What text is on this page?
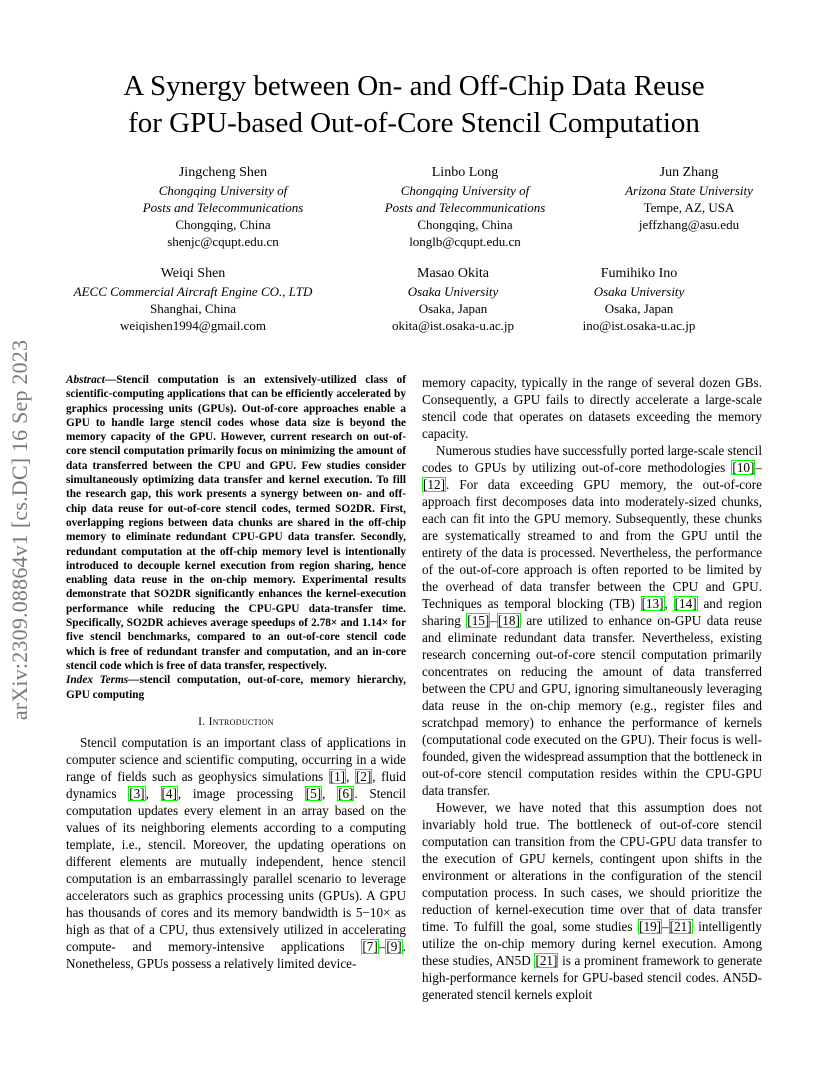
arXiv:2309.08864v1 [cs.DC] 16 Sep 2023
A Synergy between On- and Off-Chip Data Reuse
for GPU-based Out-of-Core Stencil Computation
Jingcheng Shen
Chongqing University of
Posts and Telecommunications
Chongqing, China
shenjc@cqupt.edu.cn
Linbo Long
Chongqing University of
Posts and Telecommunications
Chongqing, China
longlb@cqupt.edu.cn
Jun Zhang
Arizona State University
Tempe, AZ, USA
jeffzhang@asu.edu
Weiqi Shen
AECC Commercial Aircraft Engine CO., LTD
Shanghai, China
weiqishen1994@gmail.com
Masao Okita
Osaka University
Osaka, Japan
okita@ist.osaka-u.ac.jp
Fumihiko Ino
Osaka University
Osaka, Japan
ino@ist.osaka-u.ac.jp
Abstract—Stencil computation is an extensively-utilized class of scientific-computing applications that can be efficiently accelerated by graphics processing units (GPUs). Out-of-core approaches enable a GPU to handle large stencil codes whose data size is beyond the memory capacity of the GPU. However, current research on out-of-core stencil computation primarily focus on minimizing the amount of data transferred between the CPU and GPU. Few studies consider simultaneously optimizing data transfer and kernel execution. To fill the research gap, this work presents a synergy between on- and off-chip data reuse for out-of-core stencil codes, termed SO2DR. First, overlapping regions between data chunks are shared in the off-chip memory to eliminate redundant CPU-GPU data transfer. Secondly, redundant computation at the off-chip memory level is intentionally introduced to decouple kernel execution from region sharing, hence enabling data reuse in the on-chip memory. Experimental results demonstrate that SO2DR significantly enhances the kernel-execution performance while reducing the CPU-GPU data-transfer time. Specifically, SO2DR achieves average speedups of 2.78× and 1.14× for five stencil benchmarks, compared to an out-of-core stencil code which is free of redundant transfer and computation, and an in-core stencil code which is free of data transfer, respectively.
Index Terms—stencil computation, out-of-core, memory hierarchy, GPU computing
I. Introduction

Stencil computation is an important class of applications in computer science and scientific computing, occurring in a wide range of fields such as geophysics simulations [1], [2], fluid dynamics [3], [4], image processing [5], [6]. Stencil computation updates every element in an array based on the values of its neighboring elements according to a computing template, i.e., stencil. Moreover, the updating operations on different elements are mutually independent, hence stencil computation is an embarrassingly parallel scenario to leverage accelerators such as graphics processing units (GPUs). A GPU has thousands of cores and its memory bandwidth is 5−10× as high as that of a CPU, thus extensively utilized in accelerating compute- and memory-intensive applications [7]–[9]. Nonetheless, GPUs possess a relatively limited device-

memory capacity, typically in the range of several dozen GBs. Consequently, a GPU fails to directly accelerate a large-scale stencil code that operates on datasets exceeding the memory capacity.

Numerous studies have successfully ported large-scale stencil codes to GPUs by utilizing out-of-core methodologies [10]–[12]. For data exceeding GPU memory, the out-of-core approach first decomposes data into moderately-sized chunks, each can fit into the GPU memory. Subsequently, these chunks are systematically streamed to and from the GPU until the entirety of the data is processed. Nevertheless, the performance of the out-of-core approach is often reported to be limited by the overhead of data transfer between the CPU and GPU. Techniques as temporal blocking (TB) [13], [14] and region sharing [15]–[18] are utilized to enhance on-GPU data reuse and eliminate redundant data transfer. Nevertheless, existing research concerning out-of-core stencil computation primarily concentrates on reducing the amount of data transferred between the CPU and GPU, ignoring simultaneously leveraging data reuse in the on-chip memory (e.g., register files and scratchpad memory) to enhance the performance of kernels (computational code executed on the GPU). Their focus is well-founded, given the widespread assumption that the bottleneck in out-of-core stencil computation resides within the CPU-GPU data transfer.

However, we have noted that this assumption does not invariably hold true. The bottleneck of out-of-core stencil computation can transition from the CPU-GPU data transfer to the execution of GPU kernels, contingent upon shifts in the environment or alterations in the configuration of the stencil computation process. In such cases, we should prioritize the reduction of kernel-execution time over that of data transfer time. To fulfill the goal, some studies [19]–[21] intelligently utilize the on-chip memory during kernel execution. Among these studies, AN5D [21] is a prominent framework to generate high-performance kernels for GPU-based stencil codes. AN5D-generated stencil kernels exploit
